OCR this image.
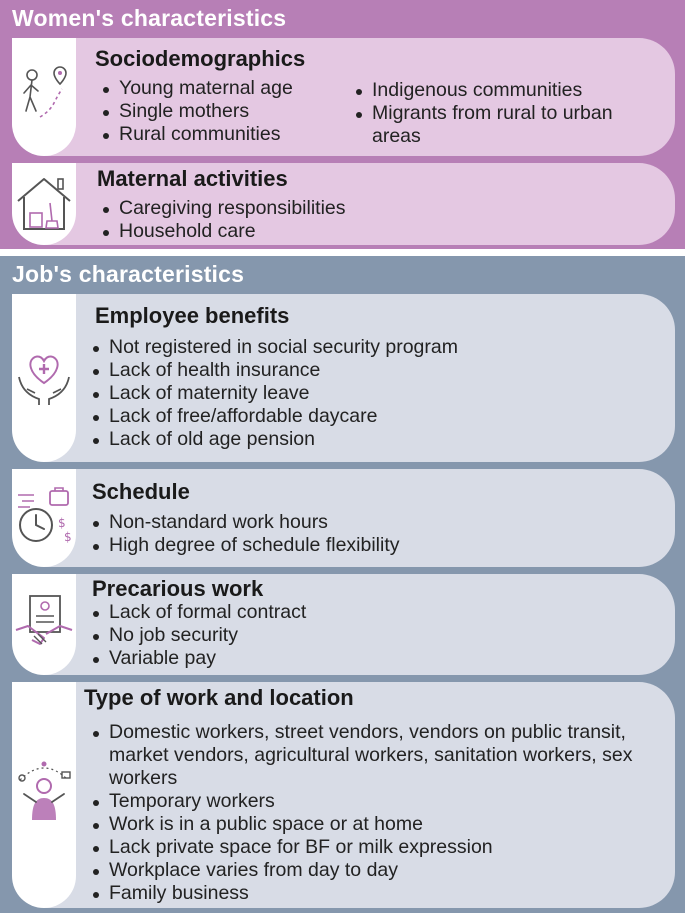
Women's characteristics
Sociodemographics
Young maternal age
Single mothers
Rural communities
Indigenous communities
Migrants from rural to urban areas
Maternal activities
Caregiving responsibilities
Household care
Job's characteristics
Employee benefits
Not registered in social security program
Lack of health insurance
Lack of maternity leave
Lack of free/affordable daycare
Lack of old age pension
$
$
Schedule
Non-standard work hours
High degree of schedule flexibility
Precarious work
Lack of formal contract
No job security
Variable pay
Type of work and location
Domestic workers, street vendors, vendors on public transit, market vendors, agricultural workers, sanitation workers, sex workers
Temporary workers
Work is in a public space or at home
Lack private space for BF or milk expression
Workplace varies from day to day
Family business
